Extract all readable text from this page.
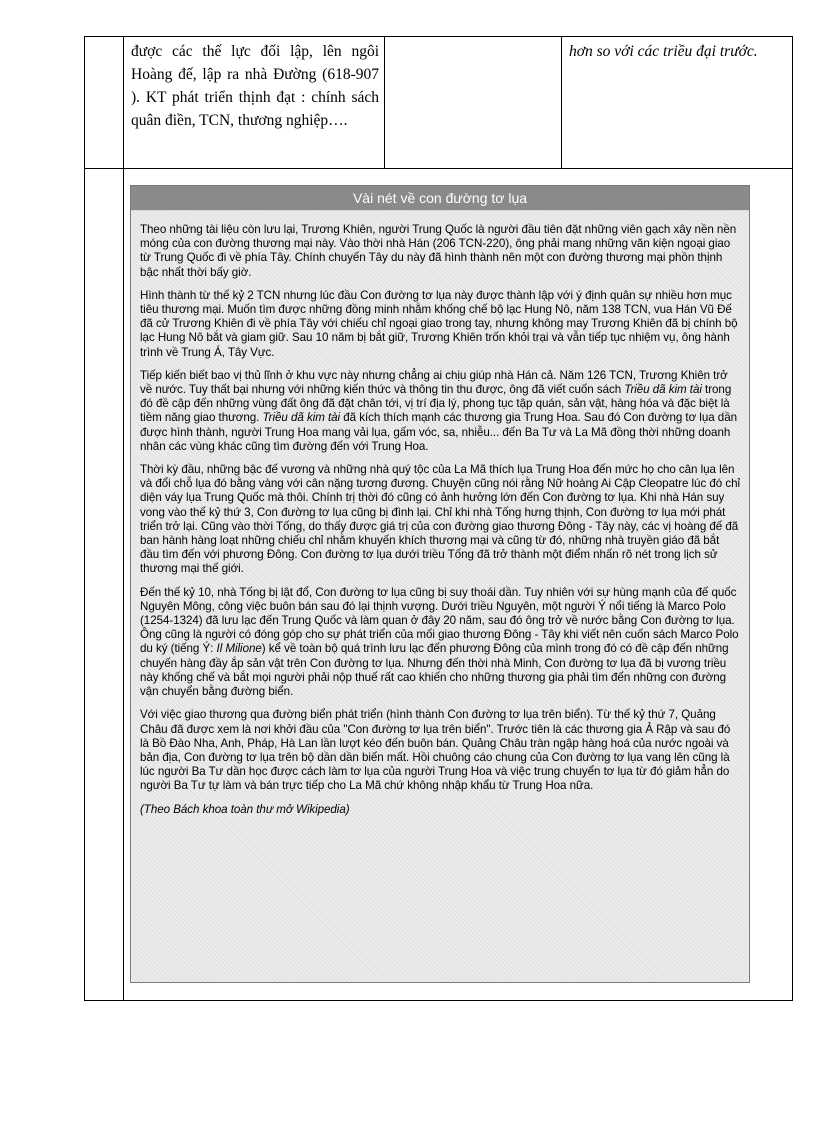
được các thế lực đối lập, lên ngôi Hoàng đế, lập ra nhà Đường (618-907 ). KT phát triển thịnh đạt : chính sách quân điền, TCN, thương nghiệp….
hơn so với các triều đại trước.
Vài nét về con đường tơ lụa

Theo những tài liệu còn lưu lại, Trương Khiên, người Trung Quốc là người đầu tiên đặt những viên gạch xây nền nền móng của con đường thương mại này. Vào thời nhà Hán (206 TCN-220), ông phải mang những văn kiện ngoại giao từ Trung Quốc đi về phía Tây. Chính chuyến Tây du này đã hình thành nên một con đường thương mại phồn thịnh bậc nhất thời bấy giờ.

Hình thành từ thế kỷ 2 TCN nhưng lúc đầu Con đường tơ lụa này được thành lập với ý định quân sự nhiều hơn mục tiêu thương mại. Muốn tìm được những đồng minh nhằm khống chế bộ lạc Hung Nô, năm 138 TCN, vua Hán Vũ Đế đã cử Trương Khiên đi về phía Tây với chiếu chỉ ngoại giao trong tay, nhưng không may Trương Khiên đã bị chính bộ lạc Hung Nô bắt và giam giữ. Sau 10 năm bị bắt giữ, Trương Khiên trốn khỏi trại và vẫn tiếp tục nhiệm vụ, ông hành trình về Trung Á, Tây Vực.

Tiếp kiến biết bao vị thủ lĩnh ở khu vực này nhưng chẳng ai chịu giúp nhà Hán cả. Năm 126 TCN, Trương Khiên trở về nước. Tuy thất bại nhưng với những kiến thức và thông tin thu được, ông đã viết cuốn sách Triều dã kim tài trong đó đề cập đến những vùng đất ông đã đặt chân tới, vị trí địa lý, phong tục tập quán, sản vật, hàng hóa và đặc biệt là tiềm năng giao thương. Triều dã kim tài đã kích thích mạnh các thương gia Trung Hoa. Sau đó Con đường tơ lụa dần được hình thành, người Trung Hoa mang vải lụa, gấm vóc, sa, nhiễu... đến Ba Tư và La Mã đồng thời những doanh nhân các vùng khác cũng tìm đường đến với Trung Hoa.

Thời kỳ đầu, những bậc đế vương và những nhà quý tộc của La Mã thích lụa Trung Hoa đến mức họ cho cân lụa lên và đổi chỗ lụa đó bằng vàng với cân nặng tương đương. Chuyện cũng nói rằng Nữ hoàng Ai Cập Cleopatre lúc đó chỉ diện váy lụa Trung Quốc mà thôi. Chính trị thời đó cũng có ảnh hưởng lớn đến Con đường tơ lụa. Khi nhà Hán suy vong vào thế kỷ thứ 3, Con đường tơ lụa cũng bị đình lại. Chỉ khi nhà Tống hưng thịnh, Con đường tơ lụa mới phát triển trở lại. Cũng vào thời Tống, do thấy được giá trị của con đường giao thương Đông - Tây này, các vị hoàng đế đã ban hành hàng loạt những chiếu chỉ nhằm khuyến khích thương mại và cũng từ đó, những nhà truyền giáo đã bắt đầu tìm đến với phương Đông. Con đường tơ lụa dưới triều Tống đã trở thành một điểm nhấn rõ nét trong lịch sử thương mại thế giới.

Đến thế kỷ 10, nhà Tống bị lật đổ, Con đường tơ lụa cũng bị suy thoái dần. Tuy nhiên với sự hùng mạnh của đế quốc Nguyên Mông, công việc buôn bán sau đó lại thịnh vượng. Dưới triều Nguyên, một người Ý nổi tiếng là Marco Polo (1254-1324) đã lưu lạc đến Trung Quốc và làm quan ở đây 20 năm, sau đó ông trở về nước bằng Con đường tơ lụa. Ông cũng là người có đóng góp cho sự phát triển của mối giao thương Đông - Tây khi viết nên cuốn sách Marco Polo du ký (tiếng Ý: Il Milione) kể về toàn bộ quá trình lưu lạc đến phương Đông của mình trong đó có đề cập đến những chuyến hàng đầy ắp sản vật trên Con đường tơ lụa. Nhưng đến thời nhà Minh, Con đường tơ lụa đã bị vương triều này khống chế và bắt mọi người phải nộp thuế rất cao khiến cho những thương gia phải tìm đến những con đường vận chuyển bằng đường biển.

Với việc giao thương qua đường biển phát triển (hình thành Con đường tơ lụa trên biển). Từ thế kỷ thứ 7, Quảng Châu đã được xem là nơi khởi đầu của "Con đường tơ lụa trên biển". Trước tiên là các thương gia Ả Rập và sau đó là Bồ Đào Nha, Anh, Pháp, Hà Lan lần lượt kéo đến buôn bán. Quảng Châu tràn ngập hàng hoá của nước ngoài và bản địa, Con đường tơ lụa trên bộ dần dần biến mất. Hồi chuông cáo chung của Con đường tơ lụa vang lên cũng là lúc người Ba Tư dần học được cách làm tơ lụa của người Trung Hoa và việc trung chuyển tơ lụa từ đó giảm hẳn do người Ba Tư tự làm và bán trực tiếp cho La Mã chứ không nhập khẩu từ Trung Hoa nữa.

(Theo Bách khoa toàn thư mở Wikipedia)
